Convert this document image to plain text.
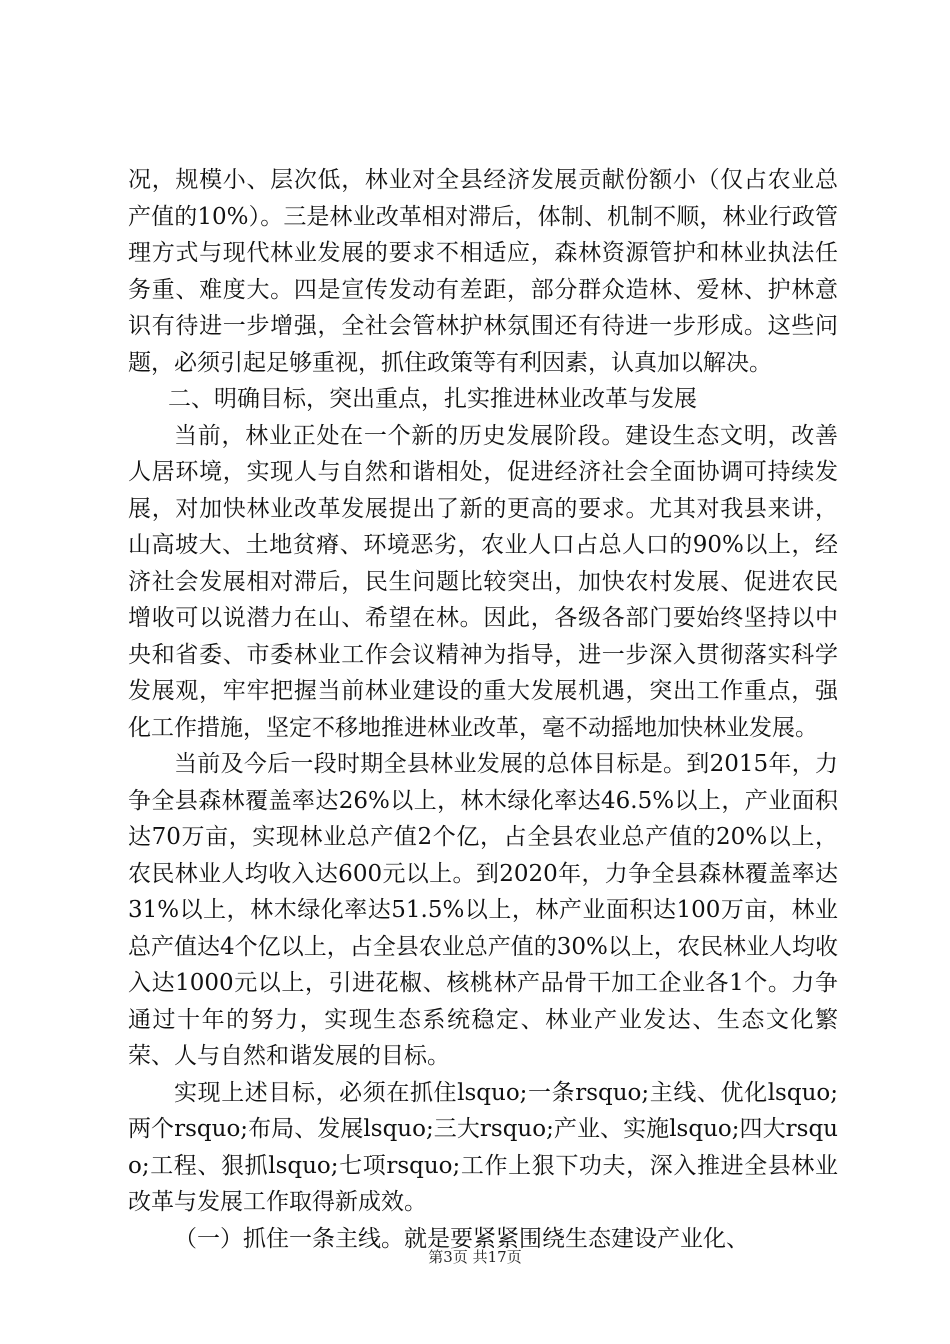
况，规模小、层次低，林业对全县经济发展贡献份额小（仅占农业总产值的10%）。三是林业改革相对滞后，体制、机制不顺，林业行政管理方式与现代林业发展的要求不相适应，森林资源管护和林业执法任务重、难度大。四是宣传发动有差距，部分群众造林、爱林、护林意识有待进一步增强，全社会管林护林氛围还有待进一步形成。这些问题，必须引起足够重视，抓住政策等有利因素，认真加以解决。

二、明确目标，突出重点，扎实推进林业改革与发展

当前，林业正处在一个新的历史发展阶段。建设生态文明，改善人居环境，实现人与自然和谐相处，促进经济社会全面协调可持续发展，对加快林业改革发展提出了新的更高的要求。尤其对我县来讲，山高坡大、土地贫瘠、环境恶劣，农业人口占总人口的90%以上，经济社会发展相对滞后，民生问题比较突出，加快农村发展、促进农民增收可以说潜力在山、希望在林。因此，各级各部门要始终坚持以中央和省委、市委林业工作会议精神为指导，进一步深入贯彻落实科学发展观，牢牢把握当前林业建设的重大发展机遇，突出工作重点，强化工作措施，坚定不移地推进林业改革，毫不动摇地加快林业发展。

当前及今后一段时期全县林业发展的总体目标是。到2015年，力争全县森林覆盖率达26%以上，林木绿化率达46.5%以上，产业面积达70万亩，实现林业总产值2个亿，占全县农业总产值的20%以上，农民林业人均收入达600元以上。到2020年，力争全县森林覆盖率达31%以上，林木绿化率达51.5%以上，林产业面积达100万亩，林业总产值达4个亿以上，占全县农业总产值的30%以上，农民林业人均收入达1000元以上，引进花椒、核桃林产品骨干加工企业各1个。力争通过十年的努力，实现生态系统稳定、林业产业发达、生态文化繁荣、人与自然和谐发展的目标。

实现上述目标，必须在抓住lsquo;一条rsquo;主线、优化lsquo;两个rsquo;布局、发展lsquo;三大rsquo;产业、实施lsquo;四大rsquo;工程、狠抓lsquo;七项rsquo;工作上狠下功夫，深入推进全县林业改革与发展工作取得新成效。

（一）抓住一条主线。就是要紧紧围绕生态建设产业化、

第3页 共17页
